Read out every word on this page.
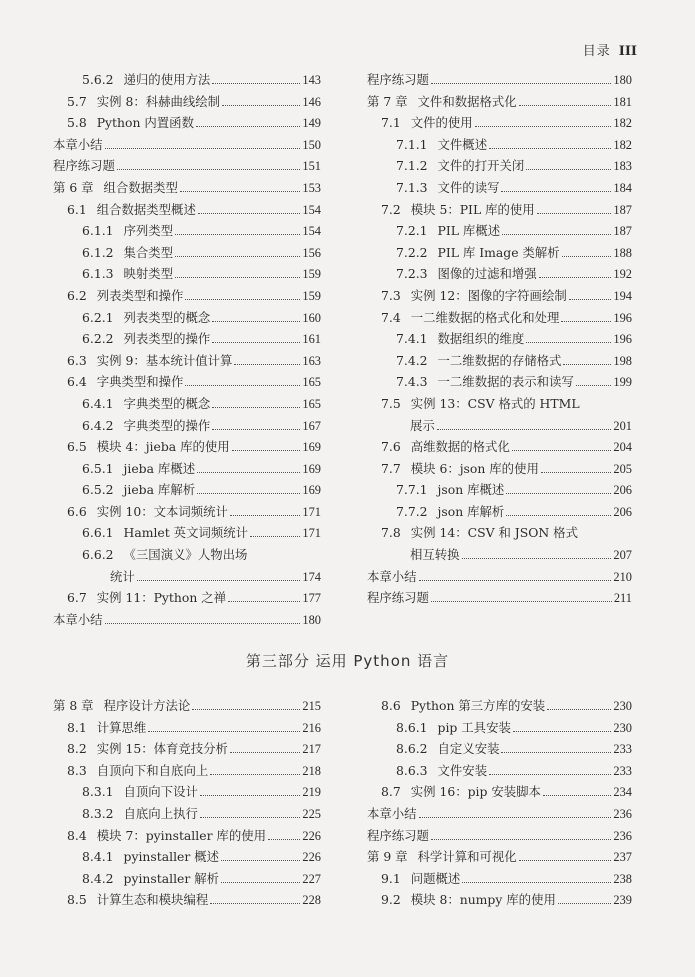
目录 III
5.6.2 递归的使用方法	143
5.7 实例 8：科赫曲线绘制	146
5.8 Python 内置函数	149
本章小结	150
程序练习题	151
第 6 章 组合数据类型	153
6.1 组合数据类型概述	154
6.1.1 序列类型	154
6.1.2 集合类型	156
6.1.3 映射类型	159
6.2 列表类型和操作	159
6.2.1 列表类型的概念	160
6.2.2 列表类型的操作	161
6.3 实例 9：基本统计值计算	163
6.4 字典类型和操作	165
6.4.1 字典类型的概念	165
6.4.2 字典类型的操作	167
6.5 模块 4：jieba 库的使用	169
6.5.1 jieba 库概述	169
6.5.2 jieba 库解析	169
6.6 实例 10：文本词频统计	171
6.6.1 Hamlet 英文词频统计	171
6.6.2 《三国演义》人物出场
统计	174
6.7 实例 11：Python 之禅	177
本章小结	180
程序练习题	180
第 7 章 文件和数据格式化	181
7.1 文件的使用	182
7.1.1 文件概述	182
7.1.2 文件的打开关闭	183
7.1.3 文件的读写	184
7.2 模块 5：PIL 库的使用	187
7.2.1 PIL 库概述	187
7.2.2 PIL 库 Image 类解析	188
7.2.3 图像的过滤和增强	192
7.3 实例 12：图像的字符画绘制	194
7.4 一二维数据的格式化和处理	196
7.4.1 数据组织的维度	196
7.4.2 一二维数据的存储格式	198
7.4.3 一二维数据的表示和读写	199
7.5 实例 13：CSV 格式的 HTML
展示	201
7.6 高维数据的格式化	204
7.7 模块 6：json 库的使用	205
7.7.1 json 库概述	206
7.7.2 json 库解析	206
7.8 实例 14：CSV 和 JSON 格式
相互转换	207
本章小结	210
程序练习题	211
第三部分 运用 Python 语言
第 8 章 程序设计方法论	215
8.1 计算思维	216
8.2 实例 15：体育竞技分析	217
8.3 自顶向下和自底向上	218
8.3.1 自顶向下设计	219
8.3.2 自底向上执行	225
8.4 模块 7：pyinstaller 库的使用	226
8.4.1 pyinstaller 概述	226
8.4.2 pyinstaller 解析	227
8.5 计算生态和模块编程	228
8.6 Python 第三方库的安装	230
8.6.1 pip 工具安装	230
8.6.2 自定义安装	233
8.6.3 文件安装	233
8.7 实例 16：pip 安装脚本	234
本章小结	236
程序练习题	236
第 9 章 科学计算和可视化	237
9.1 问题概述	238
9.2 模块 8：numpy 库的使用	239
